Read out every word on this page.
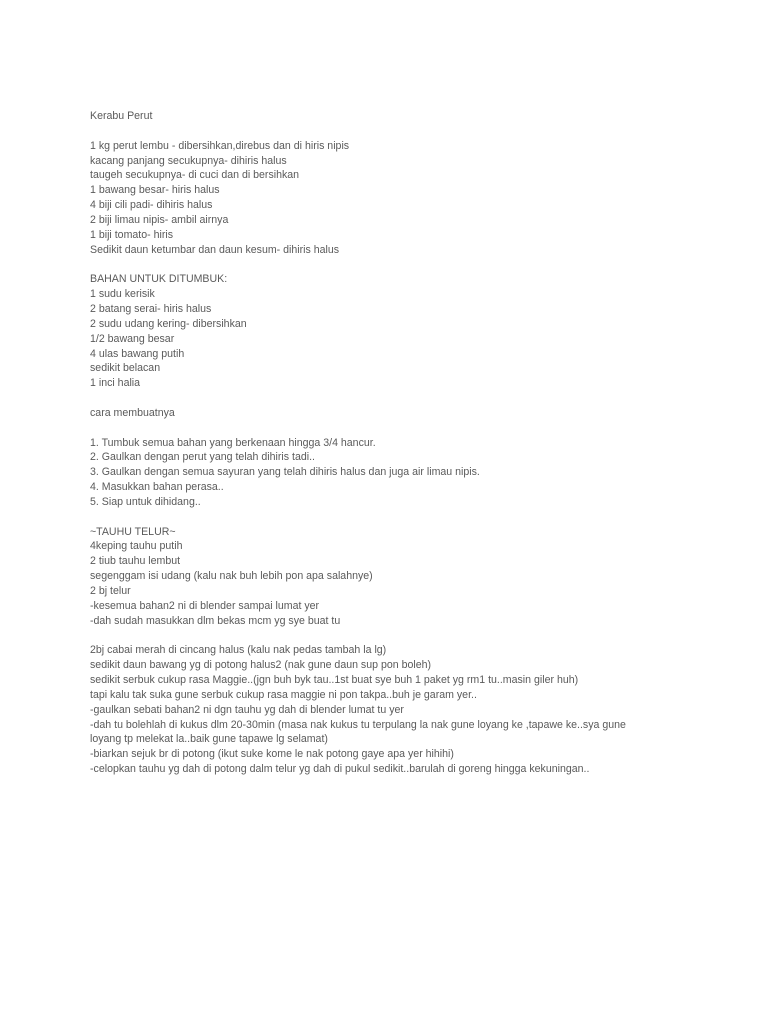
Kerabu Perut
1 kg perut lembu - dibersihkan,direbus dan di hiris nipis
kacang panjang secukupnya- dihiris halus
taugeh secukupnya- di cuci dan di bersihkan
1 bawang besar- hiris halus
4 biji cili padi- dihiris halus
2 biji limau nipis- ambil airnya
1 biji tomato- hiris
Sedikit daun ketumbar dan daun kesum- dihiris halus
BAHAN UNTUK DITUMBUK:
1 sudu kerisik
2 batang serai- hiris halus
2 sudu udang kering- dibersihkan
1/2 bawang besar
4 ulas bawang putih
sedikit belacan
1 inci halia
cara membuatnya
1. Tumbuk semua bahan yang berkenaan hingga 3/4 hancur.
2. Gaulkan dengan perut yang telah dihiris tadi..
3. Gaulkan dengan semua sayuran yang telah dihiris halus dan juga air limau nipis.
4. Masukkan bahan perasa..
5. Siap untuk dihidang..
~TAUHU TELUR~
4keping tauhu putih
2 tiub tauhu lembut
segenggam isi udang (kalu nak buh lebih pon apa salahnye)
2 bj telur
-kesemua bahan2 ni di blender sampai lumat yer
-dah sudah masukkan dlm bekas mcm yg sye buat tu
2bj cabai merah di cincang halus (kalu nak pedas tambah la lg)
sedikit daun bawang yg di potong halus2 (nak gune daun sup pon boleh)
sedikit serbuk cukup rasa Maggie..(jgn buh byk tau..1st buat sye buh 1 paket yg rm1 tu..masin giler huh)
tapi kalu tak suka gune serbuk cukup rasa maggie ni pon takpa..buh je garam yer..
-gaulkan sebati bahan2 ni dgn tauhu yg dah di blender lumat tu yer
-dah tu bolehlah di kukus dlm 20-30min (masa nak kukus tu terpulang la nak gune loyang ke ,tapawe ke..sya gune
loyang tp melekat la..baik gune tapawe lg selamat)
-biarkan sejuk br di potong (ikut suke kome le nak potong gaye apa yer hihihi)
-celopkan tauhu yg dah di potong dalm telur yg dah di pukul sedikit..barulah di goreng hingga kekuningan..
